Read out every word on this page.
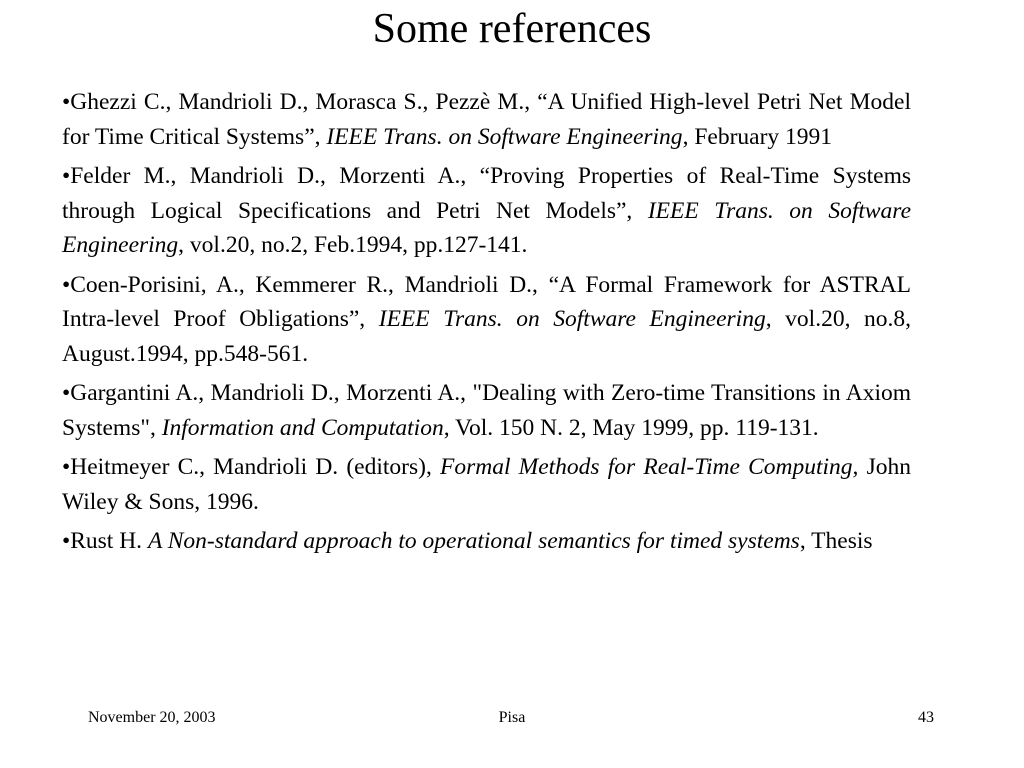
Some references
•Ghezzi C., Mandrioli D., Morasca S., Pezzè M., “A Unified High-level Petri Net Model for Time Critical Systems”, IEEE Trans. on Software Engineering, February 1991
•Felder M., Mandrioli D., Morzenti A., “Proving Properties of Real-Time Systems through Logical Specifications and Petri Net Models”, IEEE Trans. on Software Engineering, vol.20, no.2, Feb.1994, pp.127-141.
•Coen-Porisini, A., Kemmerer R., Mandrioli D., “A Formal Framework for ASTRAL Intra-level Proof Obligations”, IEEE Trans. on Software Engineering, vol.20, no.8, August.1994, pp.548-561.
•Gargantini A., Mandrioli D., Morzenti A., "Dealing with Zero-time Transitions in Axiom Systems", Information and Computation, Vol. 150 N. 2, May 1999, pp. 119-131.
•Heitmeyer C., Mandrioli D. (editors), Formal Methods for Real-Time Computing, John Wiley & Sons, 1996.
•Rust H. A Non-standard approach to operational semantics for timed systems, Thesis
November 20, 2003	Pisa	43
